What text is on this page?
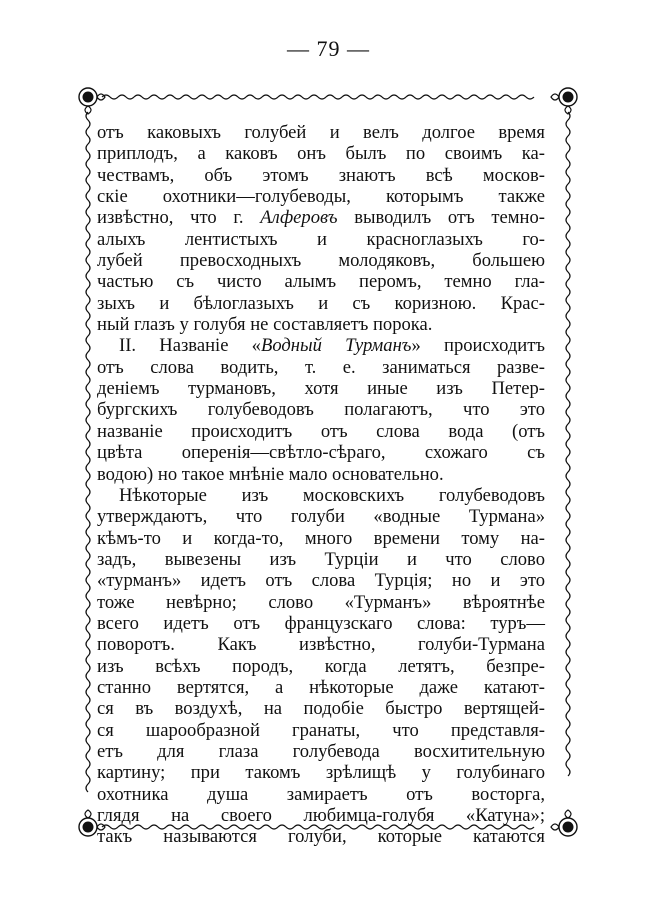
— 79 —
отъ каковыхъ голубей и велъ долгое время
приплодъ, а каковъ онъ былъ по своимъ ка-
чествамъ, объ этомъ знаютъ всѣ москов-
скіе охотники—голубеводы, которымъ также
извѣстно, что г. Алферовъ выводилъ отъ темно-
алыхъ лентистыхъ и красноглазыхъ го-
лубей превосходныхъ молодяковъ, большею
частью съ чисто алымъ перомъ, темно гла-
зыхъ и бѣлоглазыхъ и съ коризною. Крас-
ный глазъ у голубя не составляетъ порока.
II. Названіе «Водный Турманъ» происходитъ
отъ слова водить, т. е. заниматься разве-
деніемъ турмановъ, хотя иные изъ Петер-
бургскихъ голубеводовъ полагаютъ, что это
названіе происходитъ отъ слова вода (отъ
цвѣта оперенія—свѣтло-сѣраго, схожаго съ
водою) но такое мнѣніе мало основательно.
Нѣкоторые изъ московскихъ голубеводовъ
утверждаютъ, что голуби «водные Турмана»
кѣмъ-то и когда-то, много времени тому на-
задъ, вывезены изъ Турціи и что слово
«турманъ» идетъ отъ слова Турція; но и это
тоже невѣрно; слово «Турманъ» вѣроятнѣе
всего идетъ отъ французскаго слова: туръ—
поворотъ. Какъ извѣстно, голуби-Турмана
изъ всѣхъ породъ, когда летятъ, безпре-
станно вертятся, а нѣкоторые даже катают-
ся въ воздухѣ, на подобіе быстро вертящей-
ся шарообразной гранаты, что представля-
етъ для глаза голубевода восхитительную
картину; при такомъ зрѣлищѣ у голубинаго
охотника душа замираетъ отъ восторга,
глядя на своего любимца-голубя «Катуна»;
такъ называются голуби, которые катаются
